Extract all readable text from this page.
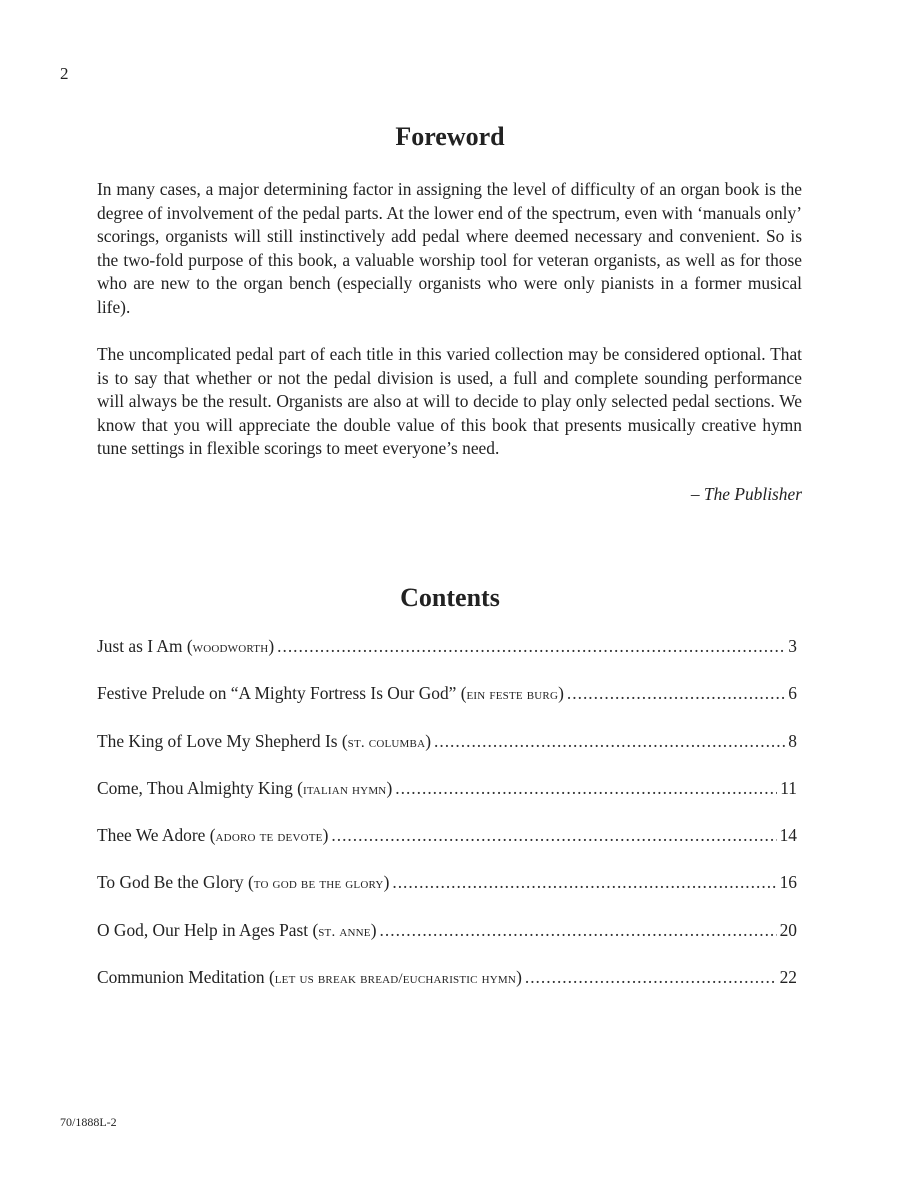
2
Foreword

In many cases, a major determining factor in assigning the level of difficulty of an organ book is the degree of involvement of the pedal parts. At the lower end of the spectrum, even with ‘manuals only’ scorings, organists will still instinctively add pedal where deemed necessary and convenient. So is the two-fold purpose of this book, a valuable worship tool for veteran organists, as well as for those who are new to the organ bench (especially organists who were only pianists in a former musical life).

The uncomplicated pedal part of each title in this varied collection may be considered optional. That is to say that whether or not the pedal division is used, a full and complete sounding performance will always be the result. Organists are also at will to decide to play only selected pedal sections. We know that you will appreciate the double value of this book that presents musically creative hymn tune settings in flexible scorings to meet everyone’s need.

– The Publisher
Contents
Just as I Am ( woodworth ) .....	3
Festive Prelude on “A Mighty Fortress Is Our God” ( ein feste burg ) .....	6
The King of Love My Shepherd Is ( st. columba ) .....	8
Come, Thou Almighty King ( italian hymn ) .....	11
Thee We Adore ( adoro te devote ) .....	14
To God Be the Glory ( to god be the glory ) .....	16
O God, Our Help in Ages Past ( st. anne ) .....	20
Communion Meditation ( let us break bread/eucharistic hymn ) .....	22
70/1888L-2
